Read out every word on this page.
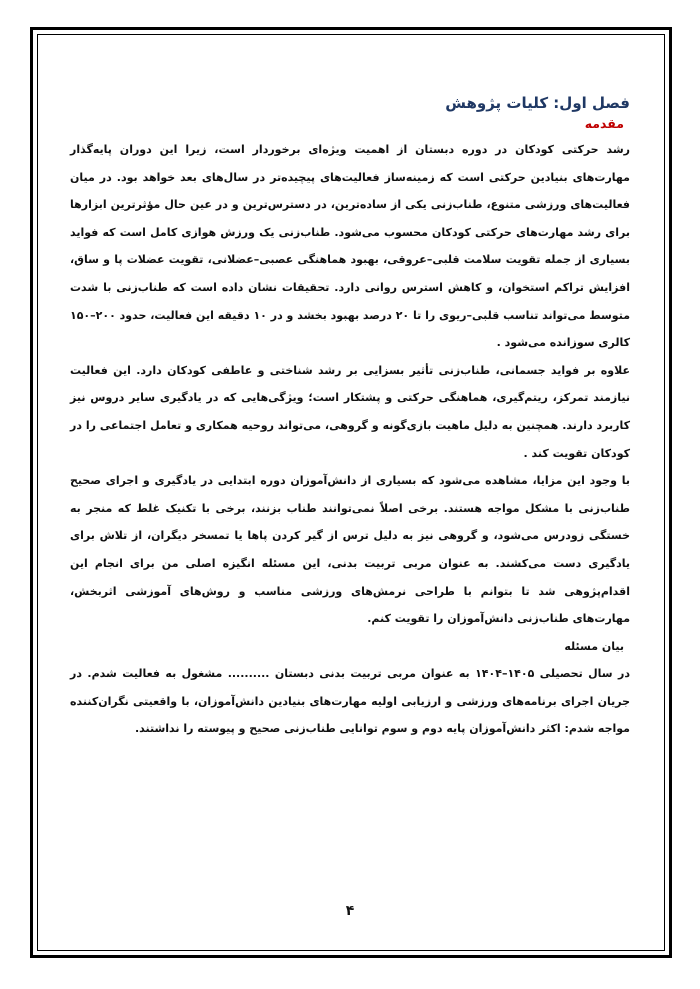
فصل اول: کلیات پژوهش
مقدمه

رشد حرکتی کودکان در دوره دبستان از اهمیت ویژه‌ای برخوردار است، زیرا این دوران پایه‌گذار مهارت‌های بنیادین حرکتی است که زمینه‌ساز فعالیت‌های پیچیده‌تر در سال‌های بعد خواهد بود. در میان فعالیت‌های ورزشی متنوع، طناب‌زنی یکی از ساده‌ترین، در دسترس‌ترین و در عین حال مؤثرترین ابزارها برای رشد مهارت‌های حرکتی کودکان محسوب می‌شود. طناب‌زنی یک ورزش هوازی کامل است که فواید بسیاری از جمله تقویت سلامت قلبی–عروقی، بهبود هماهنگی عصبی–عضلانی، تقویت عضلات پا و ساق، افزایش تراکم استخوان، و کاهش استرس روانی دارد. تحقیقات نشان داده است که طناب‌زنی با شدت متوسط می‌تواند تناسب قلبی–ریوی را تا ۲۰ درصد بهبود بخشد و در ۱۰ دقیقه این فعالیت، حدود ۲۰۰–۱۵۰ کالری سوزانده می‌شود .

علاوه بر فواید جسمانی، طناب‌زنی تأثیر بسزایی بر رشد شناختی و عاطفی کودکان دارد. این فعالیت نیازمند تمرکز، ریتم‌گیری، هماهنگی حرکتی و پشتکار است؛ ویژگی‌هایی که در یادگیری سایر دروس نیز کاربرد دارند. همچنین به دلیل ماهیت بازی‌گونه و گروهی، می‌تواند روحیه همکاری و تعامل اجتماعی را در کودکان تقویت کند .

با وجود این مزایا، مشاهده می‌شود که بسیاری از دانش‌آموزان دوره ابتدایی در یادگیری و اجرای صحیح طناب‌زنی با مشکل مواجه هستند. برخی اصلاً نمی‌توانند طناب بزنند، برخی با تکنیک غلط که منجر به خستگی زودرس می‌شود، و گروهی نیز به دلیل ترس از گیر کردن پاها یا تمسخر دیگران، از تلاش برای یادگیری دست می‌کشند. به عنوان مربی تربیت بدنی، این مسئله انگیزه اصلی من برای انجام این اقدام‌پژوهی شد تا بتوانم با طراحی نرمش‌های ورزشی مناسب و روش‌های آموزشی اثربخش، مهارت‌های طناب‌زنی دانش‌آموزان را تقویت کنم.

بیان مسئله

در سال تحصیلی ۱۴۰۵–۱۴۰۴ به عنوان مربی تربیت بدنی دبستان .......... مشغول به فعالیت شدم. در جریان اجرای برنامه‌های ورزشی و ارزیابی اولیه مهارت‌های بنیادین دانش‌آموزان، با واقعیتی نگران‌کننده مواجه شدم: اکثر دانش‌آموزان پایه دوم و سوم توانایی طناب‌زنی صحیح و پیوسته را نداشتند.

۴
